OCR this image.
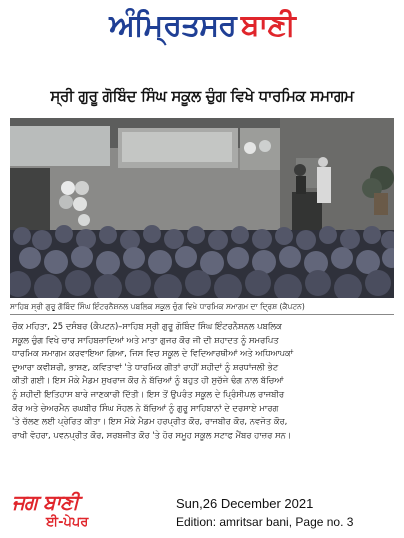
ਅੰਮ੍ਰਿਤਸਰ ਬਾਣੀ
ਸ੍ਰੀ ਗੁਰੂ ਗੋਬਿੰਦ ਸਿੰਘ ਸਕੂਲ ਚੁੰਗ ਵਿਖੇ ਧਾਰਮਿਕ ਸਮਾਗਮ
ਸਾਹਿਬ ਸ੍ਰੀ ਗੁਰੂ ਗੋਬਿੰਦ ਸਿੰਘ ਇੰਟਰਨੈਸ਼ਨਲ ਪਬਲਿਕ ਸਕੂਲ ਚੁੰਗ ਵਿਖੇ ਧਾਰਮਿਕ ਸਮਾਗਮ ਦਾ ਦ੍ਰਿਸ਼ (ਕੈਪਟਨ)
ਚੌਕ ਮਹਿਤਾ, 25 ਦਸੰਬਰ (ਕੈਪਟਨ)–ਸਾਹਿਬ ਸ੍ਰੀ ਗੁਰੂ ਗੋਬਿੰਦ ਸਿੰਘ ਇੰਟਰਨੈਸ਼ਨਲ ਪਬਲਿਕ
ਸਕੂਲ ਚੁੰਗ ਵਿਖੇ ਚਾਰ ਸਾਹਿਬਜ਼ਾਦਿਆਂ ਅਤੇ ਮਾਤਾ ਗੁਜਰ ਕੌਰ ਜੀ ਦੀ ਸ਼ਹਾਦਤ ਨੂੰ ਸਮਰਪਿਤ
ਧਾਰਮਿਕ ਸਮਾਗਮ ਕਰਵਾਇਆ ਗਿਆ, ਜਿਸ ਵਿਚ ਸਕੂਲ ਦੇ ਵਿਦਿਆਰਥੀਆਂ ਅਤੇ ਅਧਿਆਪਕਾਂ
ਦੁਆਰਾ ਕਵੀਸ਼ਰੀ, ਭਾਸ਼ਣ, ਕਵਿਤਾਵਾਂ 'ਤੇ ਧਾਰਮਿਕ ਗੀਤਾਂ ਰਾਹੀਂ ਸ਼ਹੀਦਾਂ ਨੂੰ ਸ਼ਰਧਾਂਜਲੀ ਭੇਟ
ਕੀਤੀ ਗਈ। ਇਸ ਮੌਕੇ ਮੈਡਮ ਸੁਖਰਾਜ ਕੌਰ ਨੇ ਬੱਚਿਆਂ ਨੂੰ ਬਹੁਤ ਹੀ ਸੁਚੱਜੇ ਢੰਗ ਨਾਲ ਬੱਚਿਆਂ
ਨੂੰ ਸ਼ਹੀਦੀ ਇਤਿਹਾਸ ਬਾਰੇ ਜਾਣਕਾਰੀ ਦਿੱਤੀ। ਇਸ ਤੋਂ ਉਪਰੰਤ ਸਕੂਲ ਦੇ ਪ੍ਰਿੰਸੀਪਲ ਰਾਜਬੀਰ
ਕੌਰ ਅਤੇ ਚੇਅਰਮੈਨ ਰਘਬੀਰ ਸਿੰਘ ਸੋਹਲ ਨੇ ਬੱਚਿਆਂ ਨੂੰ ਗੁਰੂ ਸਾਹਿਬਾਨਾਂ ਦੇ ਦਰਸਾਏ ਮਾਰਗ
'ਤੇ ਚੱਲਣ ਲਈ ਪ੍ਰੇਰਿਤ ਕੀਤਾ। ਇਸ ਮੌਕੇ ਮੈਡਮ ਹਰਪ੍ਰੀਤ ਕੌਰ, ਰਾਜਬੀਰ ਕੌਰ, ਨਵਜੋਤ ਕੌਰ,
ਰਾਖੀ ਵੋਹਰਾ, ਪਵਨਪ੍ਰੀਤ ਕੌਰ, ਸਰਬਜੀਤ ਕੌਰ 'ਤੇ ਹੋਰ ਸਮੂਹ ਸਕੂਲ ਸਟਾਫ ਮੈਂਬਰ ਹਾਜ਼ਰ ਸਨ।
ਜਗ ਬਾਣੀ
ਈ-ਪੇਪਰ
Sun,26 December 2021
Edition: amritsar bani, Page no. 3
